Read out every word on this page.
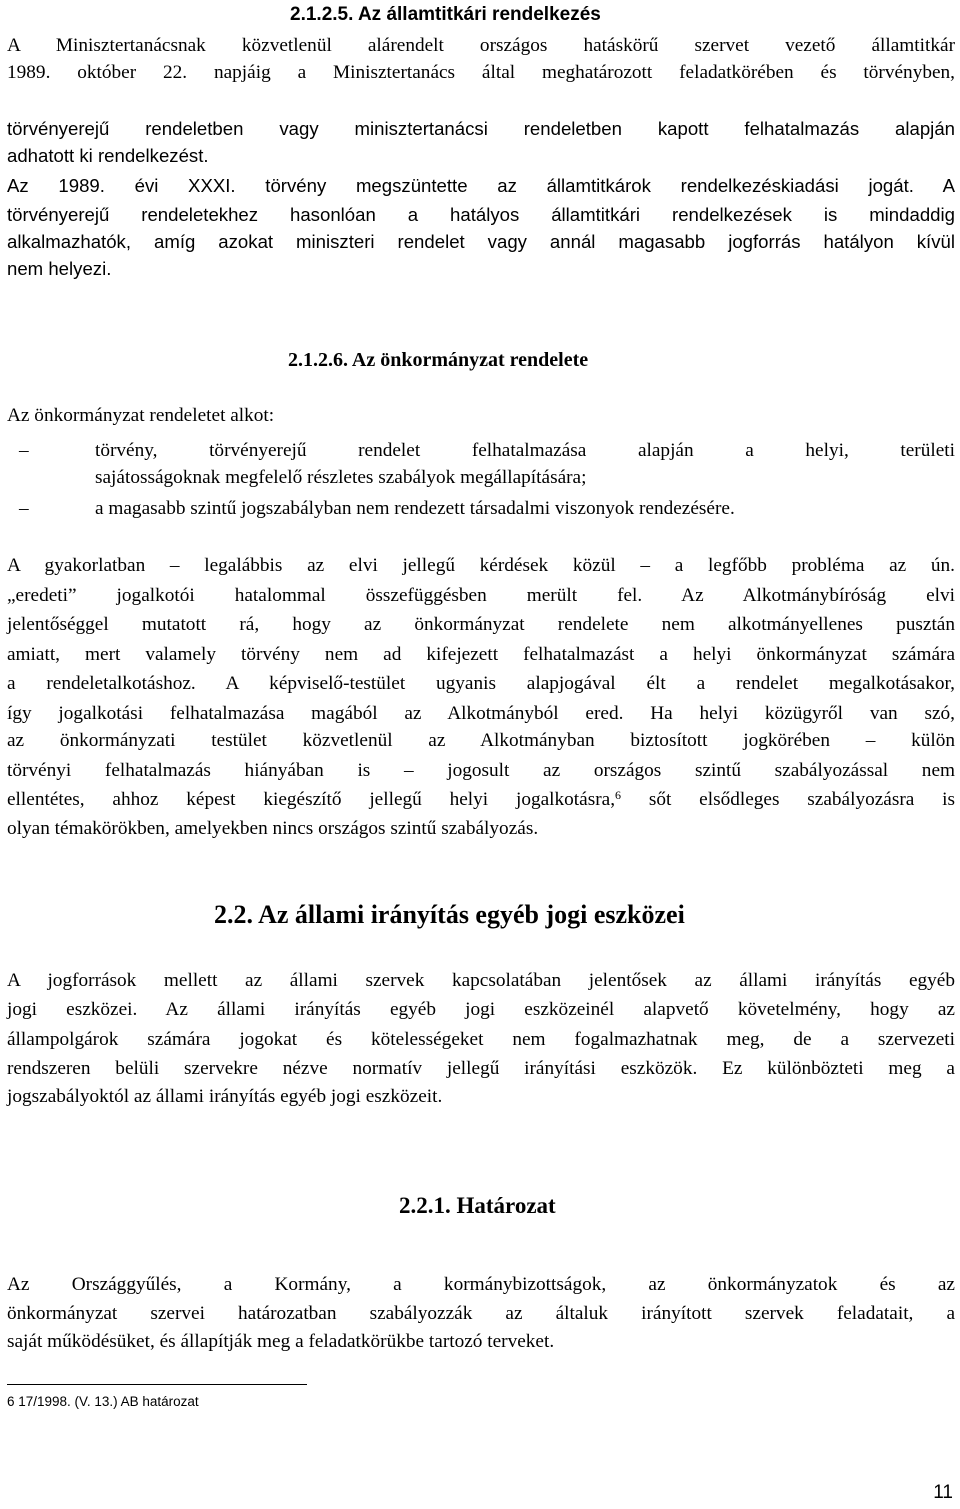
2.1.2.5. Az államtitkári rendelkezés
A Minisztertanácsnak közvetlenül alárendelt országos hatáskörű szervet vezető államtitkár
1989. október 22. napjáig a Minisztertanács által meghatározott feladatkörében és törvényben,
törvényerejű rendeletben vagy minisztertanácsi rendeletben kapott felhatalmazás alapján
adhatott ki rendelkezést.
Az 1989. évi XXXI. törvény megszüntette az államtitkárok rendelkezéskiadási jogát. A
törvényerejű rendeletekhez hasonlóan a hatályos államtitkári rendelkezések is mindaddig
alkalmazhatók, amíg azokat miniszteri rendelet vagy annál magasabb jogforrás hatályon kívül
nem helyezi.
2.1.2.6. Az önkormányzat rendelete
Az önkormányzat rendeletet alkot:
–	törvény, törvényerejű rendelet felhatalmazása alapján a helyi, területi
sajátosságoknak megfelelő részletes szabályok megállapítására;
–	a magasabb szintű jogszabályban nem rendezett társadalmi viszonyok rendezésére.
A gyakorlatban – legalábbis az elvi jellegű kérdések közül – a legfőbb probléma az ún.
„eredeti” jogalkotói hatalommal összefüggésben merült fel. Az Alkotmánybíróság elvi
jelentőséggel mutatott rá, hogy az önkormányzat rendelete nem alkotmányellenes pusztán
amiatt, mert valamely törvény nem ad kifejezett felhatalmazást a helyi önkormányzat számára
a rendeletalkotáshoz. A képviselő-testület ugyanis alapjogával élt a rendelet megalkotásakor,
így jogalkotási felhatalmazása magából az Alkotmányból ered. Ha helyi közügyről van szó,
az önkormányzati testület közvetlenül az Alkotmányban biztosított jogkörében – külön
törvényi felhatalmazás hiányában is – jogosult az országos szintű szabályozással nem
ellentétes, ahhoz képest kiegészítő jellegű helyi jogalkotásra,$^6$ sőt elsődleges szabályozásra is
olyan témakörökben, amelyekben nincs országos szintű szabályozás.
2.2. Az állami irányítás egyéb jogi eszközei
A jogforrások mellett az állami szervek kapcsolatában jelentősek az állami irányítás egyéb
jogi eszközei. Az állami irányítás egyéb jogi eszközeinél alapvető követelmény, hogy az
állampolgárok számára jogokat és kötelességeket nem fogalmazhatnak meg, de a szervezeti
rendszeren belüli szervekre nézve normatív jellegű irányítási eszközök. Ez különbözteti meg a
jogszabályoktól az állami irányítás egyéb jogi eszközeit.
2.2.1. Határozat
Az Országgyűlés, a Kormány, a kormánybizottságok, az önkormányzatok és az
önkormányzat szervei határozatban szabályozzák az általuk irányított szervek feladatait, a
saját működésüket, és állapítják meg a feladatkörükbe tartozó terveket.
6 17/1998. (V. 13.) AB határozat
11
